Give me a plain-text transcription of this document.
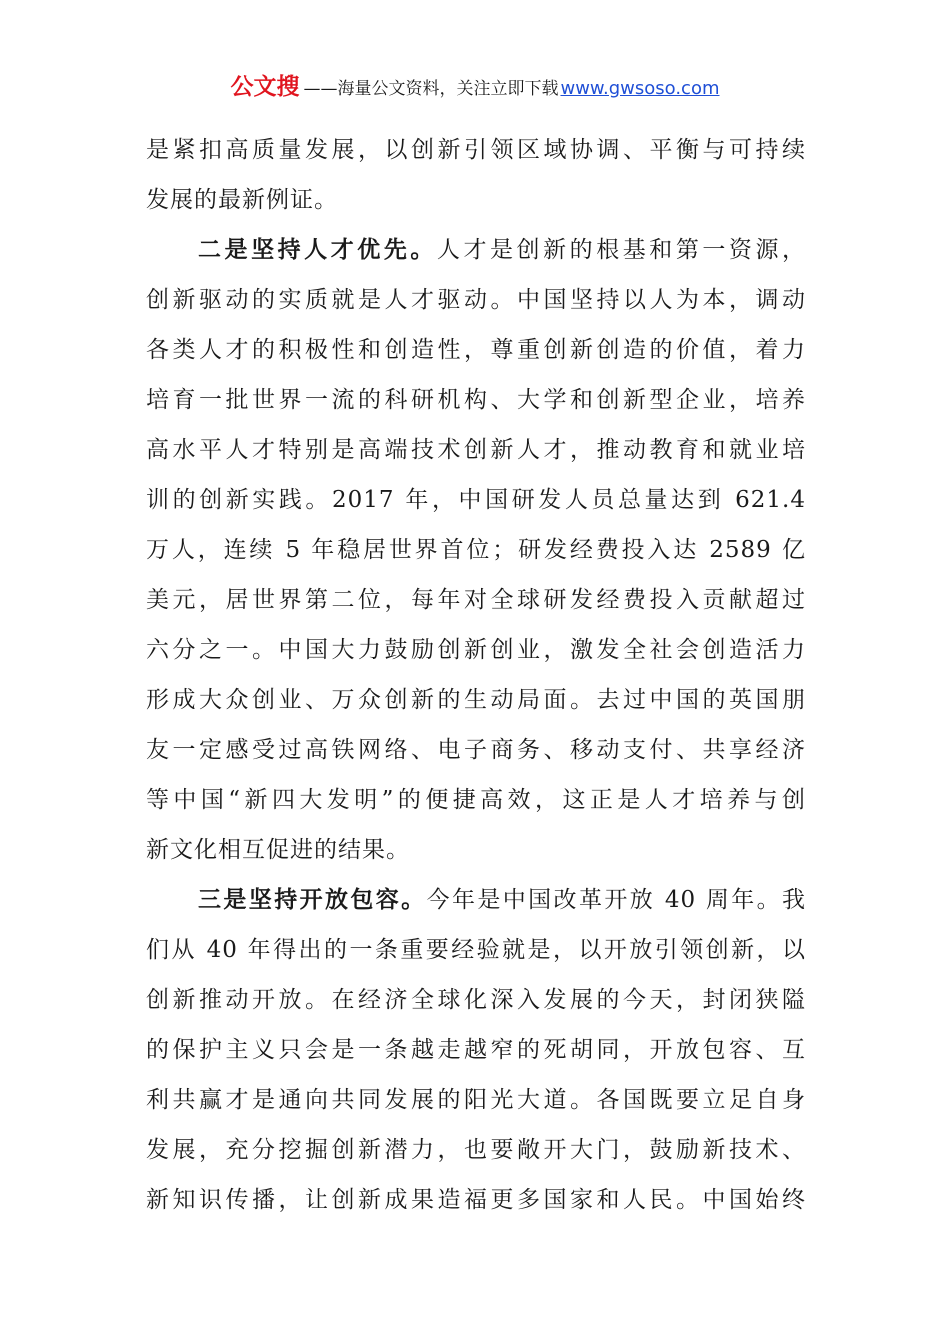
公文搜 ——海量公文资料，关注立即下载 www.gwsoso.com
是紧扣高质量发展，以创新引领区域协调、平衡与可持续
发展的最新例证。
二是坚持人才优先。人才是创新的根基和第一资源，
创新驱动的实质就是人才驱动。中国坚持以人为本，调动
各类人才的积极性和创造性，尊重创新创造的价值，着力
培育一批世界一流的科研机构、大学和创新型企业，培养
高水平人才特别是高端技术创新人才，推动教育和就业培
训的创新实践。2017 年，中国研发人员总量达到 621.4
万人，连续 5 年稳居世界首位；研发经费投入达 2589 亿
美元，居世界第二位，每年对全球研发经费投入贡献超过
六分之一。中国大力鼓励创新创业，激发全社会创造活力
形成大众创业、万众创新的生动局面。去过中国的英国朋
友一定感受过高铁网络、电子商务、移动支付、共享经济
等中国“新四大发明”的便捷高效，这正是人才培养与创
新文化相互促进的结果。
三是坚持开放包容。今年是中国改革开放 40 周年。我
们从 40 年得出的一条重要经验就是，以开放引领创新，以
创新推动开放。在经济全球化深入发展的今天，封闭狭隘
的保护主义只会是一条越走越窄的死胡同，开放包容、互
利共赢才是通向共同发展的阳光大道。各国既要立足自身
发展，充分挖掘创新潜力，也要敞开大门，鼓励新技术、
新知识传播，让创新成果造福更多国家和人民。中国始终
